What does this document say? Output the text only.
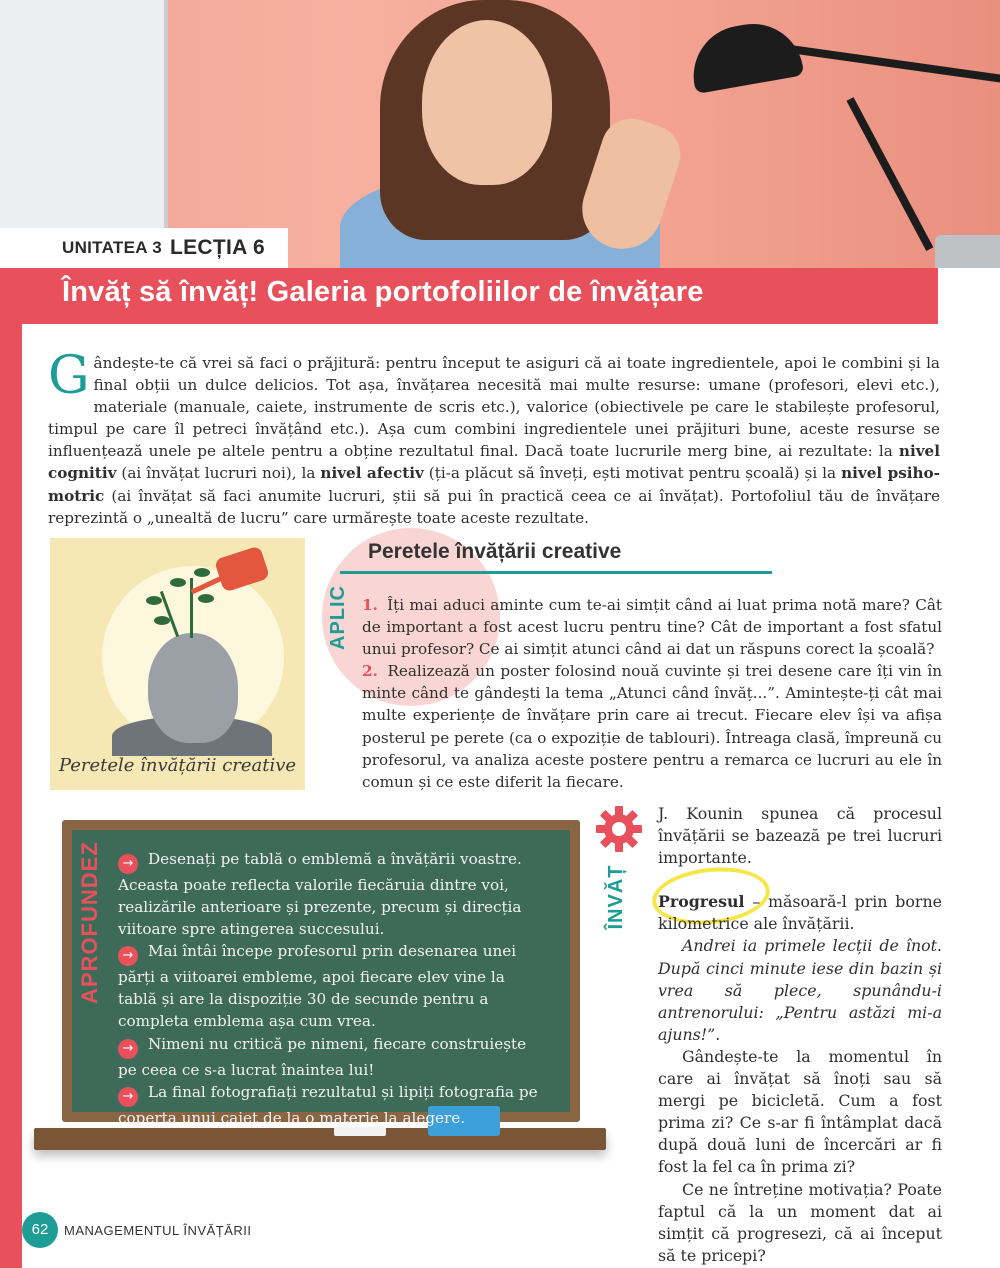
UNITATEA 3 LECȚIA 6
Învăț să învăț! Galeria portofoliilor de învățare
Gândește-te că vrei să faci o prăjitură: pentru început te asiguri că ai toate ingredientele, apoi le combini și la final obții un dulce delicios. Tot așa, învățarea necesită mai multe resurse: umane (profesori, elevi etc.), materiale (manuale, caiete, instrumente de scris etc.), valorice (obiectivele pe care le stabilește profesorul, timpul pe care îl petreci învățând etc.). Așa cum combini ingredientele unei prăjituri bune, aceste resurse se influențează unele pe altele pentru a obține rezultatul final. Dacă toate lucrurile merg bine, ai rezultate: la nivel cognitiv (ai învățat lucruri noi), la nivel afectiv (ți-a plăcut să înveți, ești motivat pentru școală) și la nivel psiho-motric (ai învățat să faci anumite lucruri, știi să pui în practică ceea ce ai învățat). Portofoliul tău de învățare reprezintă o „unealtă de lucru” care urmărește toate aceste rezultate.
Peretele învățării creative
APLIC
Peretele învățării creative
1. Îți mai aduci aminte cum te-ai simțit când ai luat prima notă mare? Cât de important a fost acest lucru pentru tine? Cât de important a fost sfatul unui profesor? Ce ai simțit atunci când ai dat un răspuns corect la școală?
2. Realizează un poster folosind nouă cuvinte și trei desene care îți vin în minte când te gândești la tema „Atunci când învăț...”. Amintește-ți cât mai multe experiențe de învățare prin care ai trecut. Fiecare elev își va afișa posterul pe perete (ca o expoziție de tablouri). Întreaga clasă, împreună cu profesorul, va analiza aceste postere pentru a remarca ce lucruri au ele în comun și ce este diferit la fiecare.
APROFUNDEZ	→ Desenați pe tablă o emblemă a învățării voastre. Aceasta poate reflecta valorile fiecăruia dintre voi, realizările anterioare și prezente, precum și direcția viitoare spre atingerea succesului.
→ Mai întâi începe profesorul prin desenarea unei părți a viitoarei embleme, apoi fiecare elev vine la tablă și are la dispoziție 30 de secunde pentru a completa emblema așa cum vrea.
→ Nimeni nu critică pe nimeni, fiecare construiește pe ceea ce s-a lucrat înaintea lui!
→ La final fotografiați rezultatul și lipiți fotografia pe coperta unui caiet de la o materie la alegere.
ÎNVĂȚ

J. Kounin spunea că procesul învățării se bazează pe trei lucruri importante.

Progresul – măsoară-l prin borne kilometrice ale învățării.

Andrei ia primele lecții de înot. După cinci minute iese din bazin și vrea să plece, spunându-i antrenorului: „Pentru astăzi mi-a ajuns!”.

Gândește-te la momentul în care ai învățat să înoți sau să mergi pe bicicletă. Cum a fost prima zi? Ce s-ar fi întâmplat dacă după două luni de încercări ar fi fost la fel ca în prima zi?

Ce ne întreține motivația? Poate faptul că la un moment dat ai simțit că progresezi, că ai început să te pricepi?

62	MANAGEMENTUL ÎNVĂȚĂRII
